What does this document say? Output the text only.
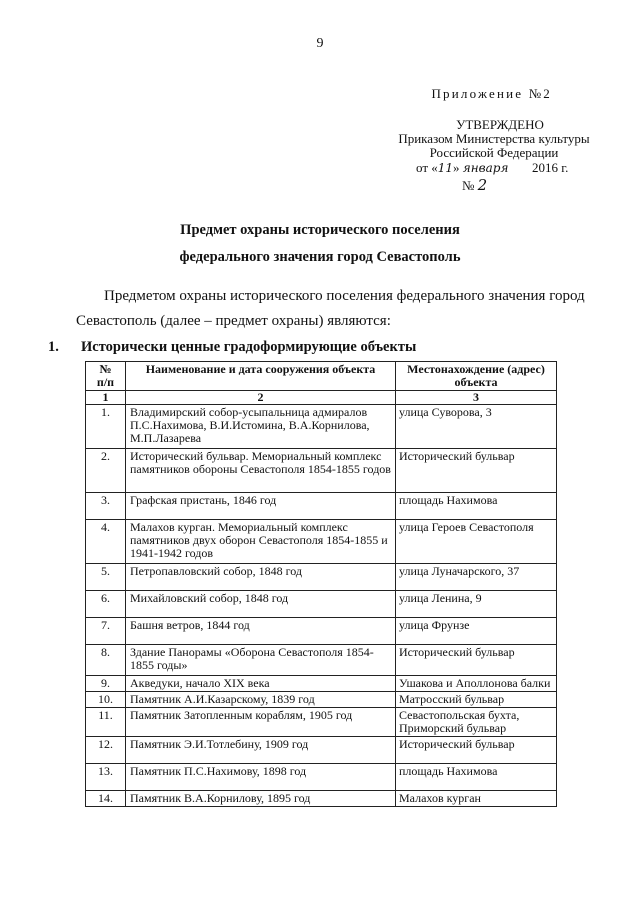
9
Приложение №2
УТВЕРЖДЕНО
Приказом Министерства культуры
Российской Федерации
от «11» января 2016 г.
№ 2
Предмет охраны исторического поселения
федерального значения город Севастополь
Предметом охраны исторического поселения федерального значения город
Севастополь (далее – предмет охраны) являются:
1. Исторически ценные градоформирующие объекты
№
п/п	Наименование и дата сооружения объекта	Местонахождение (адрес) объекта
1	2	3
1.	Владимирский собор-усыпальница адмиралов П.С.Нахимова, В.И.Истомина, В.А.Корнилова, М.П.Лазарева	улица Суворова, 3
2.	Исторический бульвар. Мемориальный комплекс памятников обороны Севастополя 1854-1855 годов	Исторический бульвар
3.	Графская пристань, 1846 год	площадь Нахимова
4.	Малахов курган. Мемориальный комплекс памятников двух оборон Севастополя 1854-1855 и 1941-1942 годов	улица Героев Севастополя
5.	Петропавловский собор, 1848 год	улица Луначарского, 37
6.	Михайловский собор, 1848 год	улица Ленина, 9
7.	Башня ветров, 1844 год	улица Фрунзе
8.	Здание Панорамы «Оборона Севастополя 1854-1855 годы»	Исторический бульвар
9.	Акведуки, начало XIX века	Ушакова и Аполлонова балки
10.	Памятник А.И.Казарскому, 1839 год	Матросский бульвар
11.	Памятник Затопленным кораблям, 1905 год	Севастопольская бухта, Приморский бульвар
12.	Памятник Э.И.Тотлебину, 1909 год	Исторический бульвар
13.	Памятник П.С.Нахимову, 1898 год	площадь Нахимова
14.	Памятник В.А.Корнилову, 1895 год	Малахов курган
